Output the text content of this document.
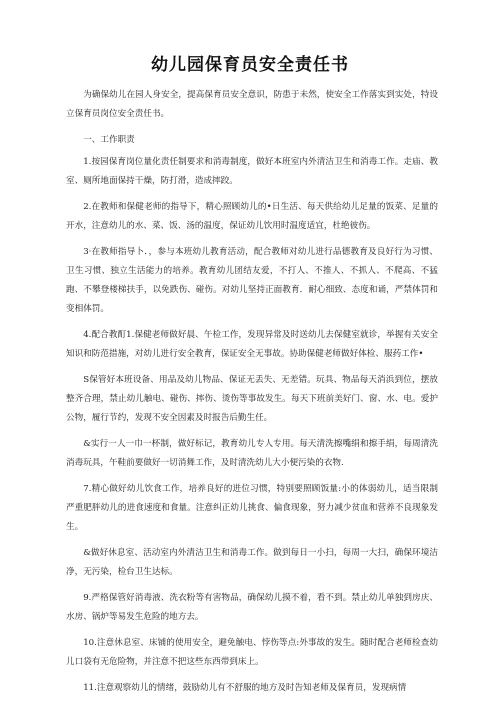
幼儿园保育员安全责任书

为确保幼儿在园人身安全，提高保育员安全意识，防患于未然，使安全工作落实到实处，特设立保育员岗位安全责任书。

一、工作职责

1.按园保育岗位量化责任制要求和消毒制度，做好本班室内外清洁卫生和消毒工作。走庙、教室、厕所地面保持干燥，防打滑，造成摔跤。

2.在教师和保健老师的指导下，精心照顾幼儿的•日生活、每天供给幼儿足量的饭菜、足量的开水，注意幼儿的水、菜、饭、汤的温度，保证幼儿饮用时温度适宜，杜绝彼伤。

3·在教师指导卜．，参与本班幼儿教育活动，配合教师对幼儿进行品德教育及良好行为习惯、卫生习惯、独立生活能力的培养。教育幼儿团结友爱，不打人、不推人、不抓人、不爬高、不猛跑、不攀登楼梯扶手，以免跌伤、碰伤。对幼儿坚持正面教育．耐心细致、态度和诵，严禁体罚和变相体罚。

4.配合教酊1.保健老师做好晨、午检工作，发现异常及时送幼儿去保健室就诊，举握有关安全知识和防范措施，对幼儿进行安全教育，保证安全无事故。协助保健老师做好体检、服药工作•

S保管好本班设备、用品及幼儿物品、保证无丢失、无差错。玩具、物品每天消浜到位，摆放整齐合理，禁止幼儿触电、碰伤、摔伤、烫伤等事故发生。每天下班前美好门、窗、水、电。爱护公物，履行节约，发现不安全因素及时报告后勤生任。

&实行一人一巾一杯制，做好标记，教育幼儿专人专用。每天清洗擦嘴绢和擦手绢，每周清洗消毒玩具，午鞋前要做好一切消舞工作，及时清洗幼儿大小便污染的衣物.

7.精心做好幼儿饮食工作，培养良好的进位习惯，特别要照顾饭量:小的体弱幼儿，适当限制严重肥胖幼儿的进食速度和食量。注意纠正幼儿挑食、偏食现象，努力减少贫血和营养不良现象发生。

&做好休息室、活动室内外清洁卫生和消毒工作。做到每日一小扫，每周一大扫，确保环境洁净，无污染，检台卫生达标。

9.严格保管好消毒液、洗衣粉等有害物品，确保幼儿摸不着，看不到。禁止幼儿单独到房庆、水房、锅炉等易发生危险的地方去。

10.注意休息室、床铺的使用安全，避免触电、悖伤等点:外事故的发生。随时配合老师检查幼儿口袋有无危险物，并注意不把这些东西带到床上。

11.注意观察幼儿的情绪，鼓励幼儿有不舒服的地方及时告知老师及保育员，发现病情
